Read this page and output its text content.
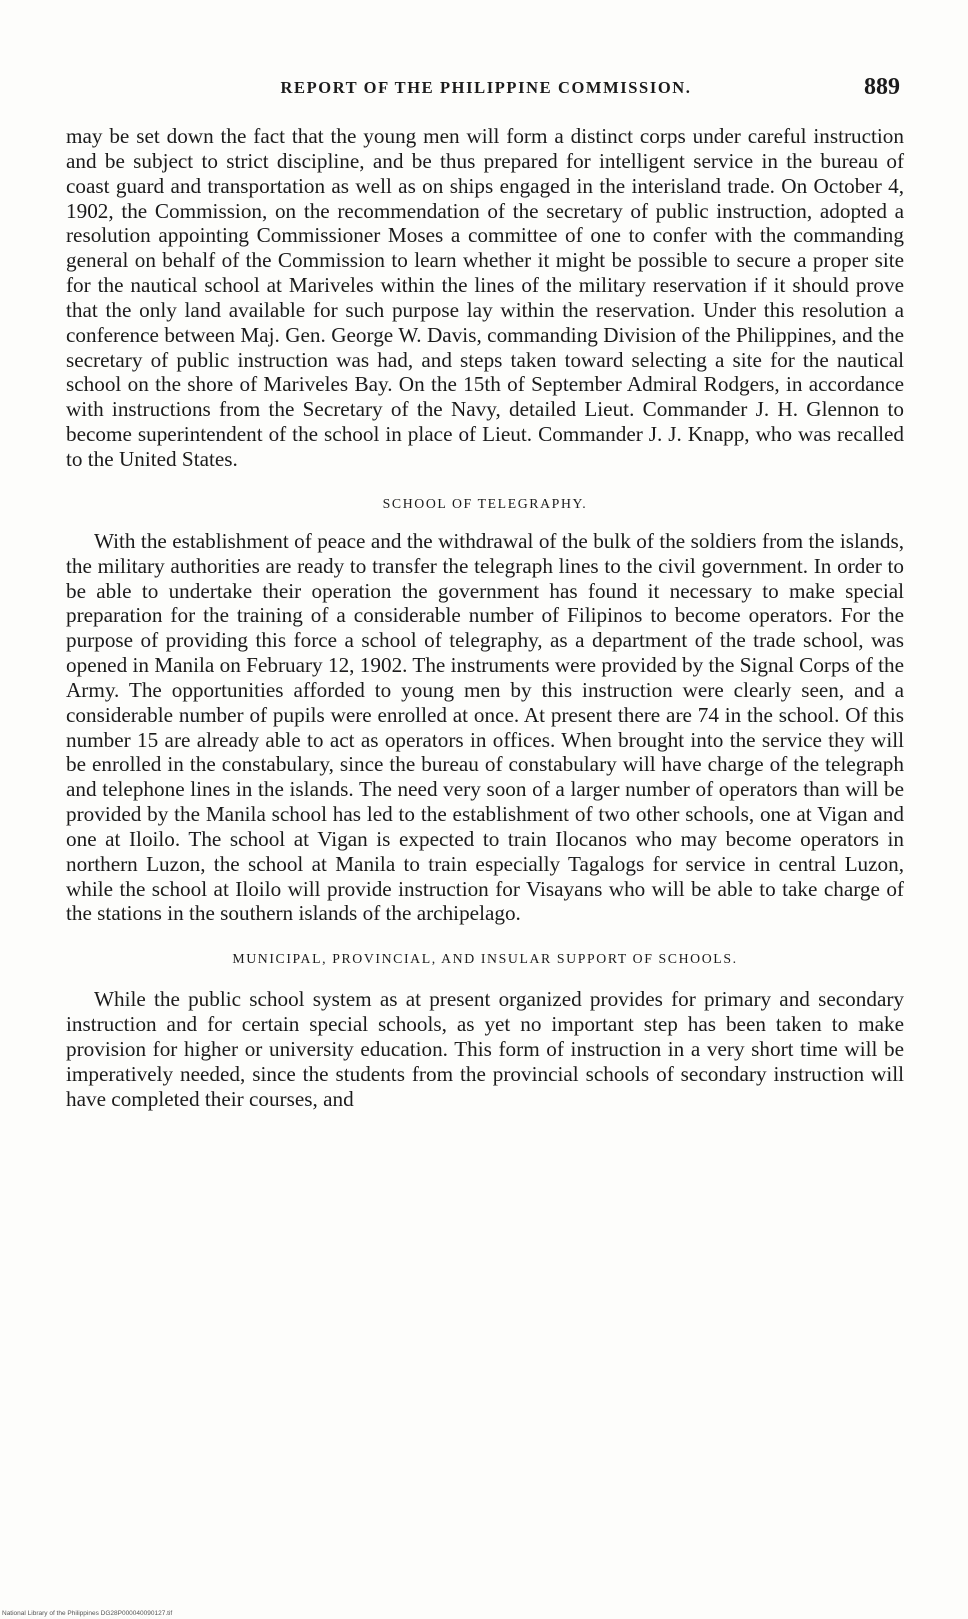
REPORT OF THE PHILIPPINE COMMISSION.	889

may be set down the fact that the young men will form a distinct corps under careful instruction and be subject to strict discipline, and be thus prepared for intelligent service in the bureau of coast guard and transportation as well as on ships engaged in the interisland trade. On October 4, 1902, the Commission, on the recommendation of the secretary of public instruction, adopted a resolution appointing Commissioner Moses a committee of one to confer with the commanding general on behalf of the Commission to learn whether it might be possible to secure a proper site for the nautical school at Mariveles within the lines of the military reservation if it should prove that the only land available for such purpose lay within the reservation. Under this resolution a conference between Maj. Gen. George W. Davis, commanding Division of the Philippines, and the secretary of public instruction was had, and steps taken toward selecting a site for the nautical school on the shore of Mariveles Bay. On the 15th of September Admiral Rodgers, in accordance with instructions from the Secretary of the Navy, detailed Lieut. Commander J. H. Glennon to become superintendent of the school in place of Lieut. Commander J. J. Knapp, who was recalled to the United States.

SCHOOL OF TELEGRAPHY.

With the establishment of peace and the withdrawal of the bulk of the soldiers from the islands, the military authorities are ready to transfer the telegraph lines to the civil government. In order to be able to undertake their operation the government has found it necessary to make special preparation for the training of a considerable number of Filipinos to become operators. For the purpose of providing this force a school of telegraphy, as a department of the trade school, was opened in Manila on February 12, 1902. The instruments were provided by the Signal Corps of the Army. The opportunities afforded to young men by this instruction were clearly seen, and a considerable number of pupils were enrolled at once. At present there are 74 in the school. Of this number 15 are already able to act as operators in offices. When brought into the service they will be enrolled in the constabulary, since the bureau of constabulary will have charge of the telegraph and telephone lines in the islands. The need very soon of a larger number of operators than will be provided by the Manila school has led to the establishment of two other schools, one at Vigan and one at Iloilo. The school at Vigan is expected to train Ilocanos who may become operators in northern Luzon, the school at Manila to train especially Tagalogs for service in central Luzon, while the school at Iloilo will provide instruction for Visayans who will be able to take charge of the stations in the southern islands of the archipelago.

MUNICIPAL, PROVINCIAL, AND INSULAR SUPPORT OF SCHOOLS.

While the public school system as at present organized provides for primary and secondary instruction and for certain special schools, as yet no important step has been taken to make provision for higher or university education. This form of instruction in a very short time will be imperatively needed, since the students from the provincial schools of secondary instruction will have completed their courses, and

National Library of the Philippines DG28P000040090127.tif
